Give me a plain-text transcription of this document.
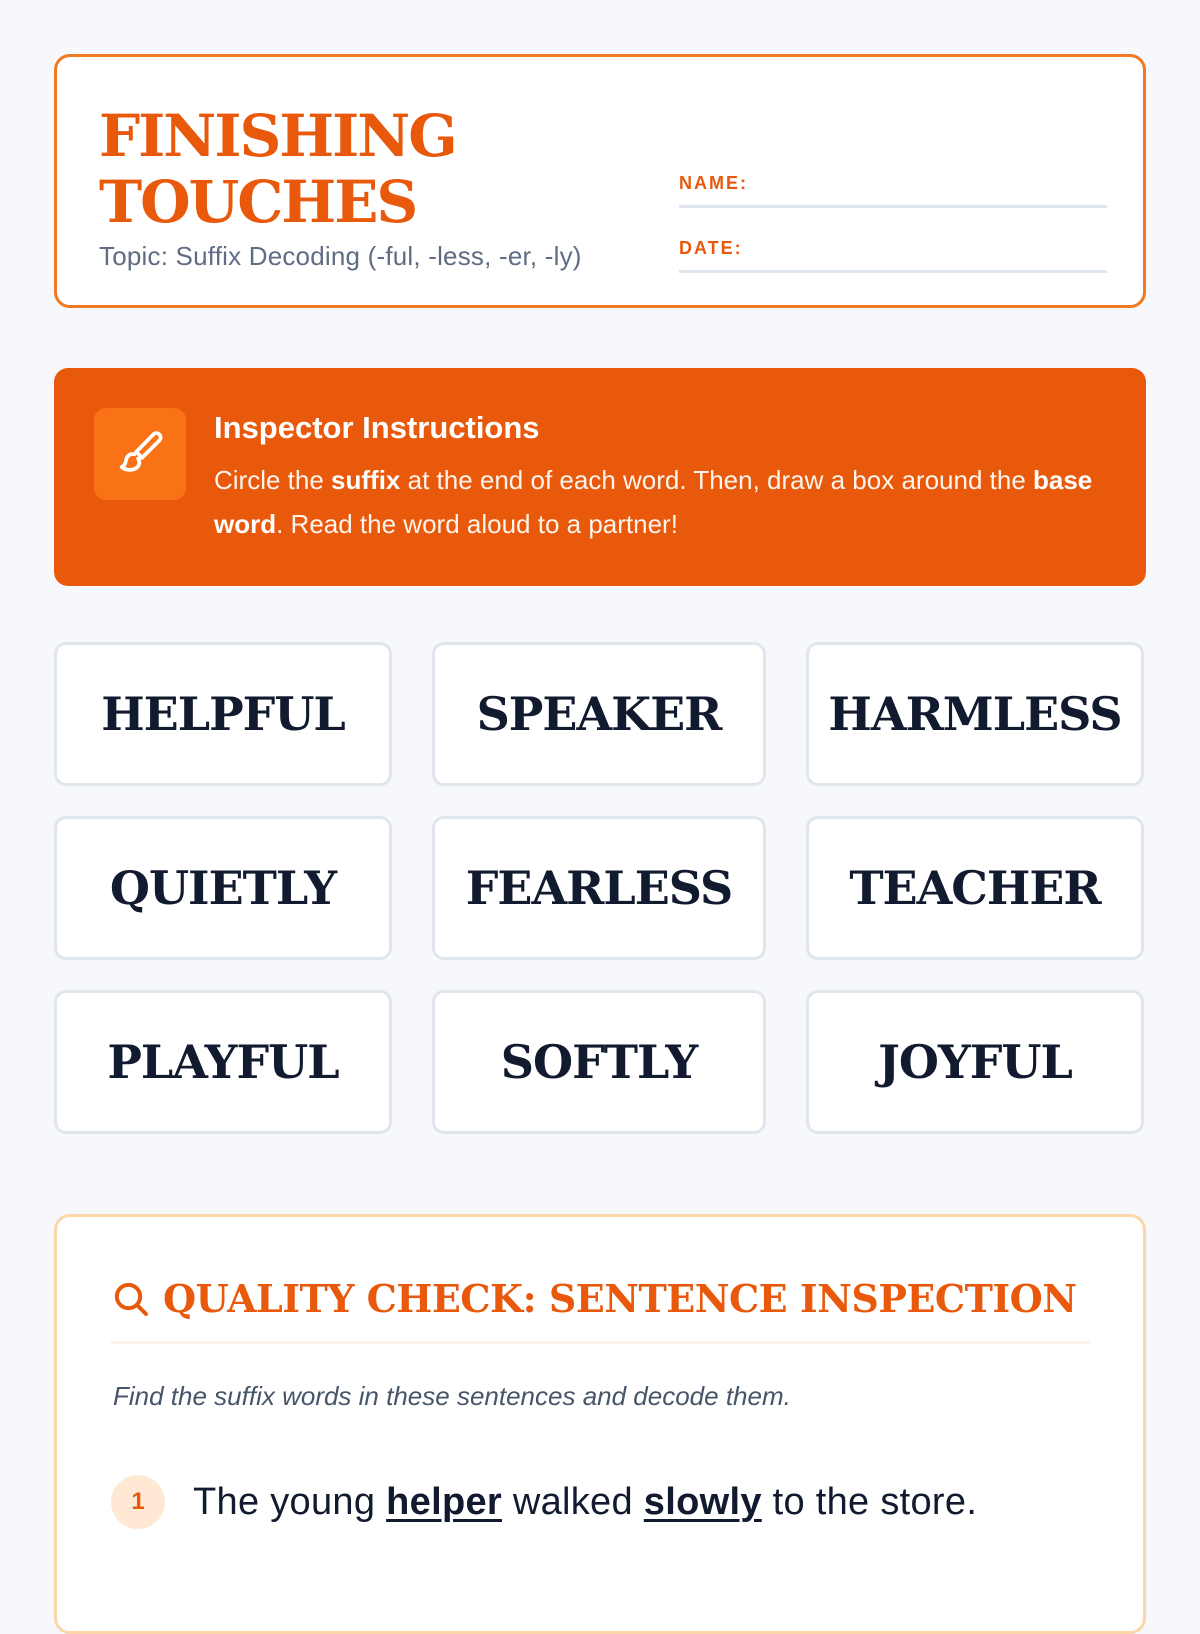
FINISHING
TOUCHES
Topic: Suffix Decoding (-ful, -less, -er, -ly)
NAME:
DATE:
Inspector Instructions
Circle the suffix at the end of each word. Then, draw a box around the base word. Read the word aloud to a partner!
HELPFUL	SPEAKER	HARMLESS
QUIETLY	FEARLESS	TEACHER
PLAYFUL	SOFTLY	JOYFUL
QUALITY CHECK: SENTENCE INSPECTION
Find the suffix words in these sentences and decode them.
1	The young helper walked slowly to the store.
